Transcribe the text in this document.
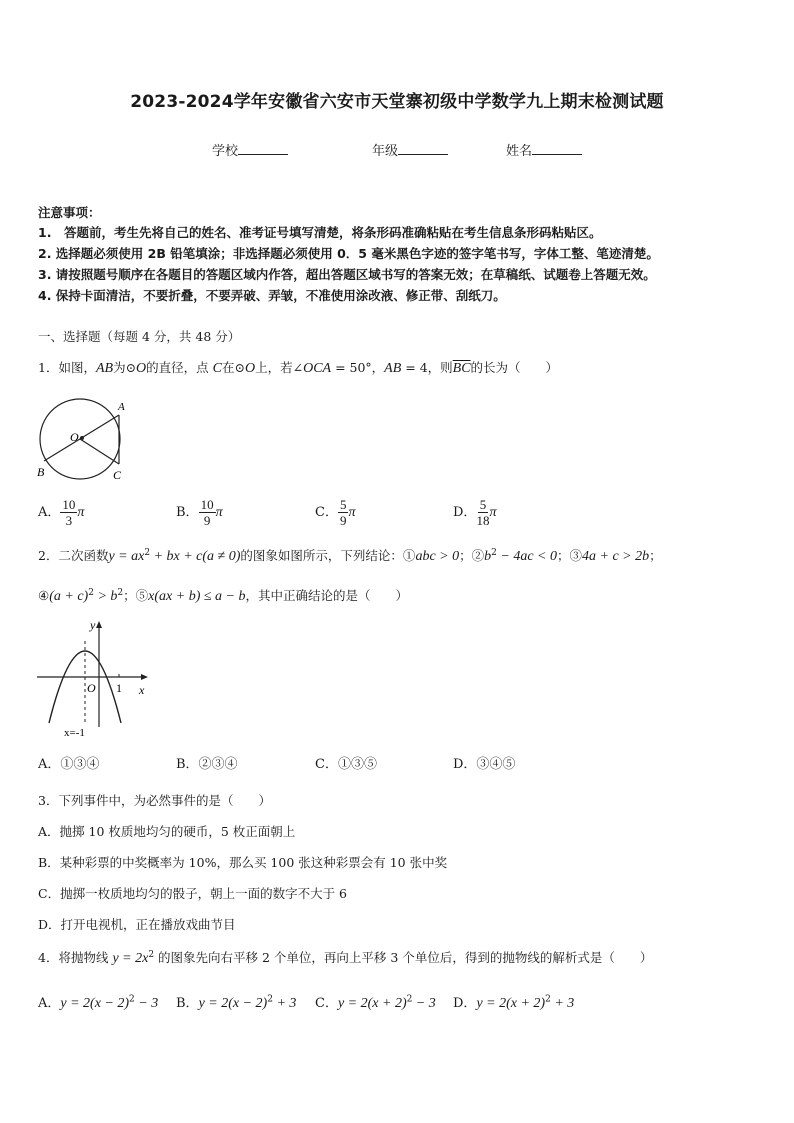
2023-2024学年安徽省六安市天堂寨初级中学数学九上期末检测试题
学校	年级	姓名
注意事项：
1.　答题前，考生先将自己的姓名、准考证号填写清楚，将条形码准确粘贴在考生信息条形码粘贴区。
2. 选择题必须使用 2B 铅笔填涂；非选择题必须使用 0．5 毫米黑色字迹的签字笔书写，字体工整、笔迹清楚。
3. 请按照题号顺序在各题目的答题区域内作答，超出答题区域书写的答案无效；在草稿纸、试题卷上答题无效。
4. 保持卡面清洁，不要折叠，不要弄破、弄皱，不准使用涂改液、修正带、刮纸刀。
一、选择题（每题 4 分，共 48 分）
1．如图，AB为⊙O的直径，点 C在⊙O上，若∠OCA = 50°，AB = 4，则$\overline{BC}$的长为（　　）
A
O
B	C
A． $\frac{10}{3}$ π	B． $\frac{10}{9}$ π	C． $\frac{5}{9}$ π	D． $\frac{5}{18}$ π
2．二次函数$y = ax^2$ + bx + c(a ≠ 0)的图象如图所示，下列结论：①abc > 0；$②b^2 - 4ac < 0$；③4a + c > 2b；
④(a + $c)^2 > b^2$；⑤x(ax + b) ≤ a − b，其中正确结论的是（　　）
y
x
O 1
x=-1
A．①③④	B．②③④	C．①③⑤	D．③④⑤
3．下列事件中，为必然事件的是（　　）
A．抛掷 10 枚质地均匀的硬币，5 枚正面朝上
B．某种彩票的中奖概率为 10%，那么买 100 张这种彩票会有 10 张中奖
C．抛掷一枚质地均匀的骰子，朝上一面的数字不大于 6
D．打开电视机，正在播放戏曲节目
4．将抛物线 $y = 2x^2$ 的图象先向右平移 2 个单位，再向上平移 3 个单位后，得到的抛物线的解析式是（　　）
A．$y = 2(x - 2)^2 - 3$ B．$y = 2(x - 2)^2 + 3$ C．$y = 2(x + 2)^2 - 3$ D．$y = 2(x + 2)^2 + 3$
